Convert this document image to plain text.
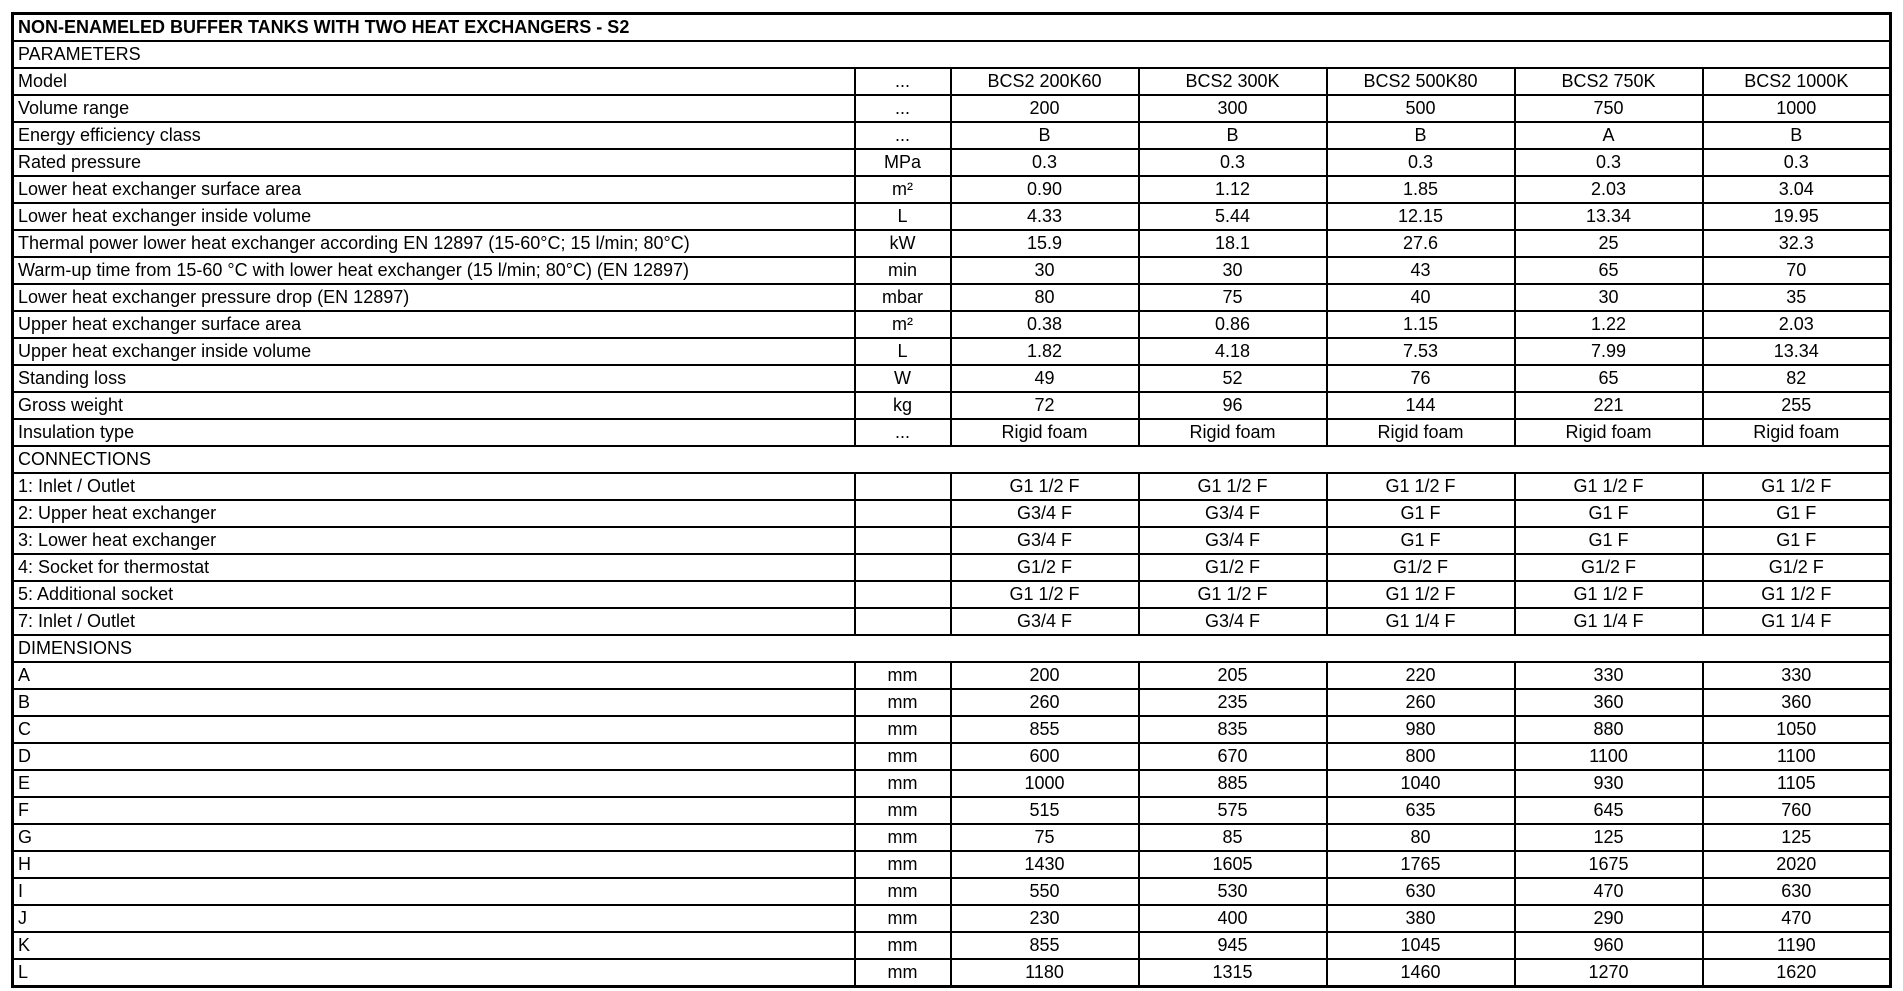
NON-ENAMELED BUFFER TANKS WITH TWO HEAT EXCHANGERS - S2						
PARAMETERS						
Model	...	BCS2 200K60	BCS2 300K	BCS2 500K80	BCS2 750K	BCS2 1000K
Volume range	...	200	300	500	750	1000
Energy efficiency class	...	B	B	B	A	B
Rated pressure	MPa	0.3	0.3	0.3	0.3	0.3
Lower heat exchanger surface area	m²	0.90	1.12	1.85	2.03	3.04
Lower heat exchanger inside volume	L	4.33	5.44	12.15	13.34	19.95
Thermal power lower heat exchanger according EN 12897 (15-60°C; 15 l/min; 80°C)	kW	15.9	18.1	27.6	25	32.3
Warm-up time from 15-60 °C with lower heat exchanger (15 l/min; 80°C) (EN 12897)	min	30	30	43	65	70
Lower heat exchanger pressure drop (EN 12897)	mbar	80	75	40	30	35
Upper heat exchanger surface area	m²	0.38	0.86	1.15	1.22	2.03
Upper heat exchanger inside volume	L	1.82	4.18	7.53	7.99	13.34
Standing loss	W	49	52	76	65	82
Gross weight	kg	72	96	144	221	255
Insulation type	...	Rigid foam	Rigid foam	Rigid foam	Rigid foam	Rigid foam
CONNECTIONS						
1: Inlet / Outlet		G1 1/2 F	G1 1/2 F	G1 1/2 F	G1 1/2 F	G1 1/2 F
2: Upper heat exchanger		G3/4 F	G3/4 F	G1 F	G1 F	G1 F
3: Lower heat exchanger		G3/4 F	G3/4 F	G1 F	G1 F	G1 F
4: Socket for thermostat		G1/2 F	G1/2 F	G1/2 F	G1/2 F	G1/2 F
5: Additional socket		G1 1/2 F	G1 1/2 F	G1 1/2 F	G1 1/2 F	G1 1/2 F
7: Inlet / Outlet		G3/4 F	G3/4 F	G1 1/4 F	G1 1/4 F	G1 1/4 F
DIMENSIONS						
A	mm	200	205	220	330	330
B	mm	260	235	260	360	360
C	mm	855	835	980	880	1050
D	mm	600	670	800	1100	1100
E	mm	1000	885	1040	930	1105
F	mm	515	575	635	645	760
G	mm	75	85	80	125	125
H	mm	1430	1605	1765	1675	2020
I	mm	550	530	630	470	630
J	mm	230	400	380	290	470
K	mm	855	945	1045	960	1190
L	mm	1180	1315	1460	1270	1620
